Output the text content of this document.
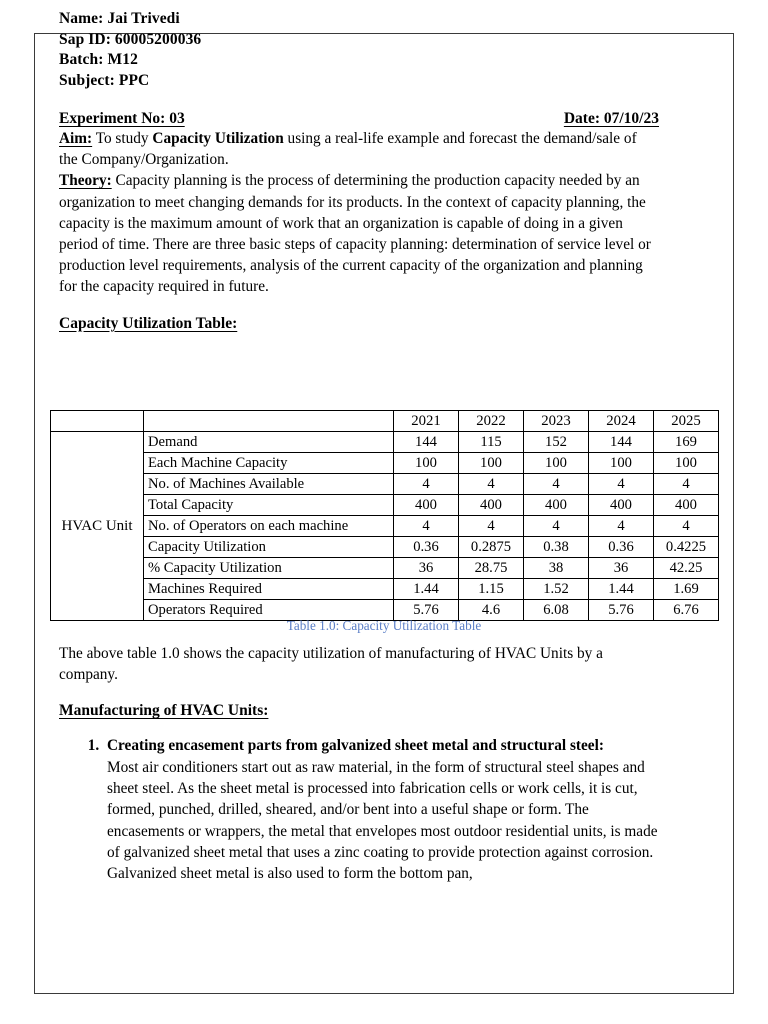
Name: Jai Trivedi
Sap ID: 60005200036
Batch: M12
Subject: PPC
Experiment No: 03	Date: 07/10/23

Aim: To study Capacity Utilization using a real-life example and forecast the demand/sale of the Company/Organization.

Theory: Capacity planning is the process of determining the production capacity needed by an organization to meet changing demands for its products. In the context of capacity planning, the capacity is the maximum amount of work that an organization is capable of doing in a given period of time. There are three basic steps of capacity planning: determination of service level or production level requirements, analysis of the current capacity of the organization and planning for the capacity required in future.

Capacity Utilization Table:
		2021	2022	2023	2024	2025
HVAC Unit	Demand	144	115	152	144	169
	Each Machine Capacity	100	100	100	100	100
	No. of Machines Available	4	4	4	4	4
	Total Capacity	400	400	400	400	400
	No. of Operators on each machine	4	4	4	4	4
	Capacity Utilization	0.36	0.2875	0.38	0.36	0.4225
	% Capacity Utilization	36	28.75	38	36	42.25
	Machines Required	1.44	1.15	1.52	1.44	1.69
	Operators Required	5.76	4.6	6.08	5.76	6.76
Table 1.0: Capacity Utilization Table

The above table 1.0 shows the capacity utilization of manufacturing of HVAC Units by a company.

Manufacturing of HVAC Units:
1. Creating encasement parts from galvanized sheet metal and structural steel:
Most air conditioners start out as raw material, in the form of structural steel shapes and sheet steel. As the sheet metal is processed into fabrication cells or work cells, it is cut, formed, punched, drilled, sheared, and/or bent into a useful shape or form. The encasements or wrappers, the metal that envelopes most outdoor residential units, is made of galvanized sheet metal that uses a zinc coating to provide protection against corrosion. Galvanized sheet metal is also used to form the bottom pan,
